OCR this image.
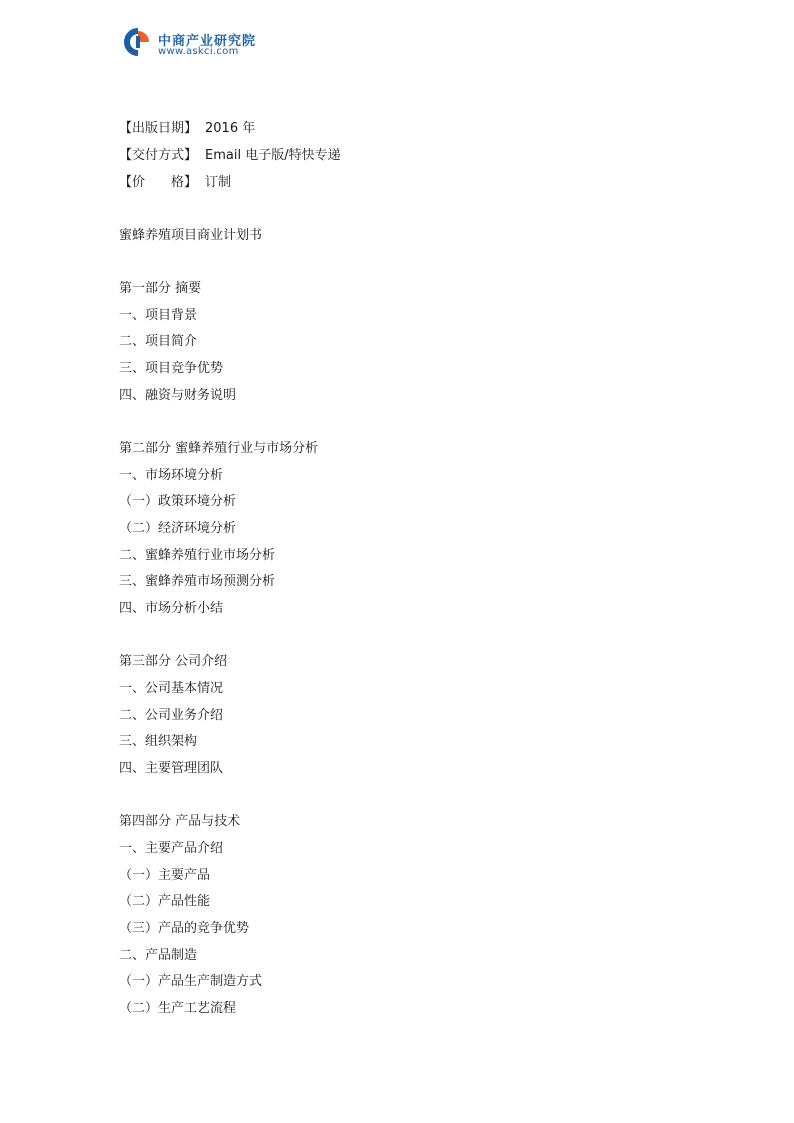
中商产业研究院
www.askci.com
【出版日期】 2016 年
【交付方式】 Email 电子版/特快专递
【价　　格】 订制
蜜蜂养殖项目商业计划书
第一部分 摘要
一、项目背景
二、项目简介
三、项目竞争优势
四、融资与财务说明
第二部分 蜜蜂养殖行业与市场分析
一、市场环境分析
（一）政策环境分析
（二）经济环境分析
二、蜜蜂养殖行业市场分析
三、蜜蜂养殖市场预测分析
四、市场分析小结
第三部分 公司介绍
一、公司基本情况
二、公司业务介绍
三、组织架构
四、主要管理团队
第四部分 产品与技术
一、主要产品介绍
（一）主要产品
（二）产品性能
（三）产品的竞争优势
二、产品制造
（一）产品生产制造方式
（二）生产工艺流程
